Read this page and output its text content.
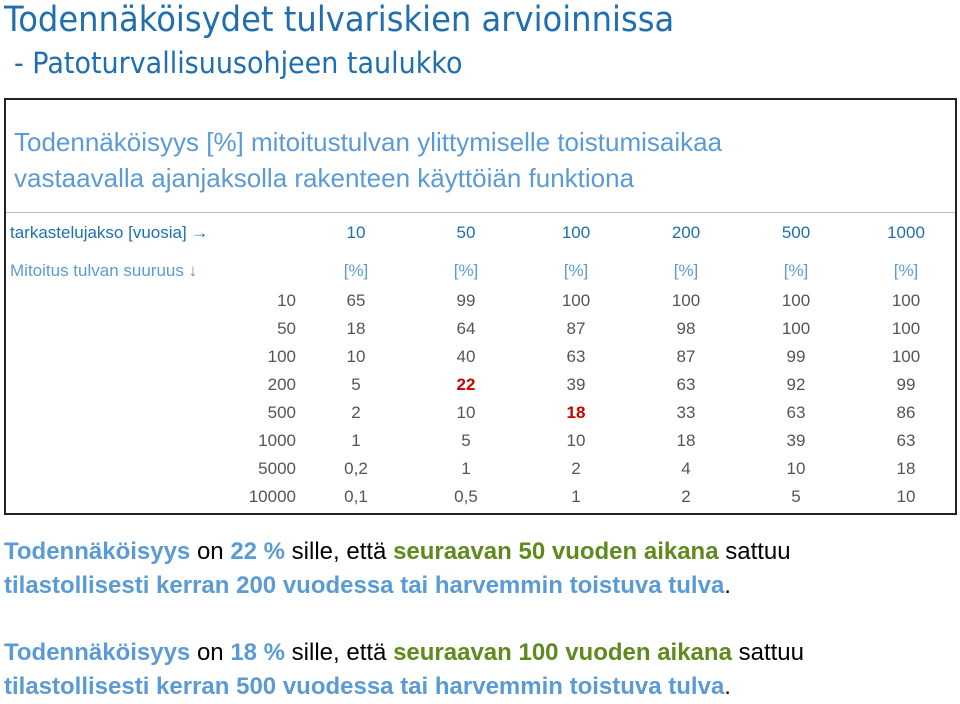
Todennäköisydet tulvariskien arvioinnissa
- Patoturvallisuusohjeen taulukko
Todennäköisyys [%] mitoitustulvan ylittymiselle toistumisaikaa
vastaavalla ajanjaksolla rakenteen käyttöiän funktiona
tarkastelujakso [vuosia] →	10	50	100	200	500	1000
Mitoitus tulvan suuruus ↓	[%]	[%]	[%]	[%]	[%]	[%]
10	65	99	100	100	100	100
50	18	64	87	98	100	100
100	10	40	63	87	99	100
200	5	22	39	63	92	99
500	2	10	18	33	63	86
1000	1	5	10	18	39	63
5000	0,2	1	2	4	10	18
10000	0,1	0,5	1	2	5	10
Todennäköisyys on 22 % sille, että seuraavan 50 vuoden aikana sattuu
tilastollisesti kerran 200 vuodessa tai harvemmin toistuva tulva.
Todennäköisyys on 18 % sille, että seuraavan 100 vuoden aikana sattuu
tilastollisesti kerran 500 vuodessa tai harvemmin toistuva tulva.
